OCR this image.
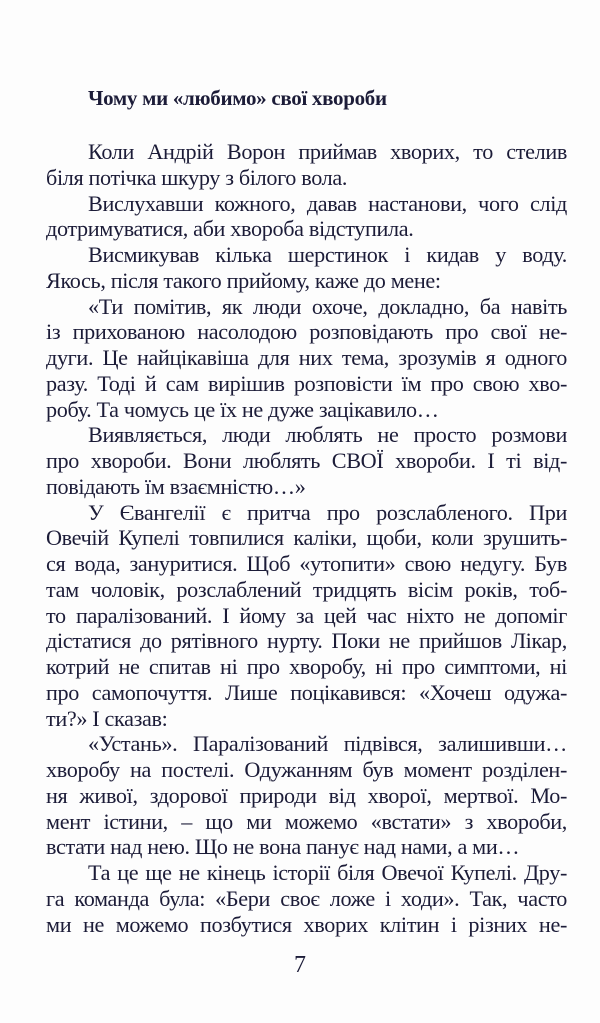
Чому ми «любимо» свої хвороби
Коли Андрій Ворон приймав хворих, то стелив
біля потічка шкуру з білого вола.
Вислухавши кожного, давав настанови, чого слід
дотримуватися, аби хвороба відступила.
Висмикував кілька шерстинок і кидав у воду.
Якось, після такого прийому, каже до мене:
«Ти помітив, як люди охоче, докладно, ба навіть
із прихованою насолодою розповідають про свої не-
дуги. Це найцікавіша для них тема, зрозумів я одного
разу. Тоді й сам вирішив розповісти їм про свою хво-
робу. Та чомусь це їх не дуже зацікавило…
Виявляється, люди люблять не просто розмови
про хвороби. Вони люблять СВОЇ хвороби. І ті від-
повідають їм взаємністю…»
У Євангелії є притча про розслабленого. При
Овечій Купелі товпилися каліки, щоби, коли зрушить-
ся вода, зануритися. Щоб «утопити» свою недугу. Був
там чоловік, розслаблений тридцять вісім років, тоб-
то паралізований. І йому за цей час ніхто не допоміг
дістатися до рятівного нурту. Поки не прийшов Лікар,
котрий не спитав ні про хворобу, ні про симптоми, ні
про самопочуття. Лише поцікавився: «Хочеш одужа-
ти?» І сказав:
«Устань». Паралізований підвівся, залишивши…
хворобу на постелі. Одужанням був момент розділен-
ня живої, здорової природи від хворої, мертвої. Мо-
мент істини, – що ми можемо «встати» з хвороби,
встати над нею. Що не вона панує над нами, а ми…
Та це ще не кінець історії біля Овечої Купелі. Дру-
га команда була: «Бери своє ложе і ходи». Так, часто
ми не можемо позбутися хворих клітин і різних не-
7
